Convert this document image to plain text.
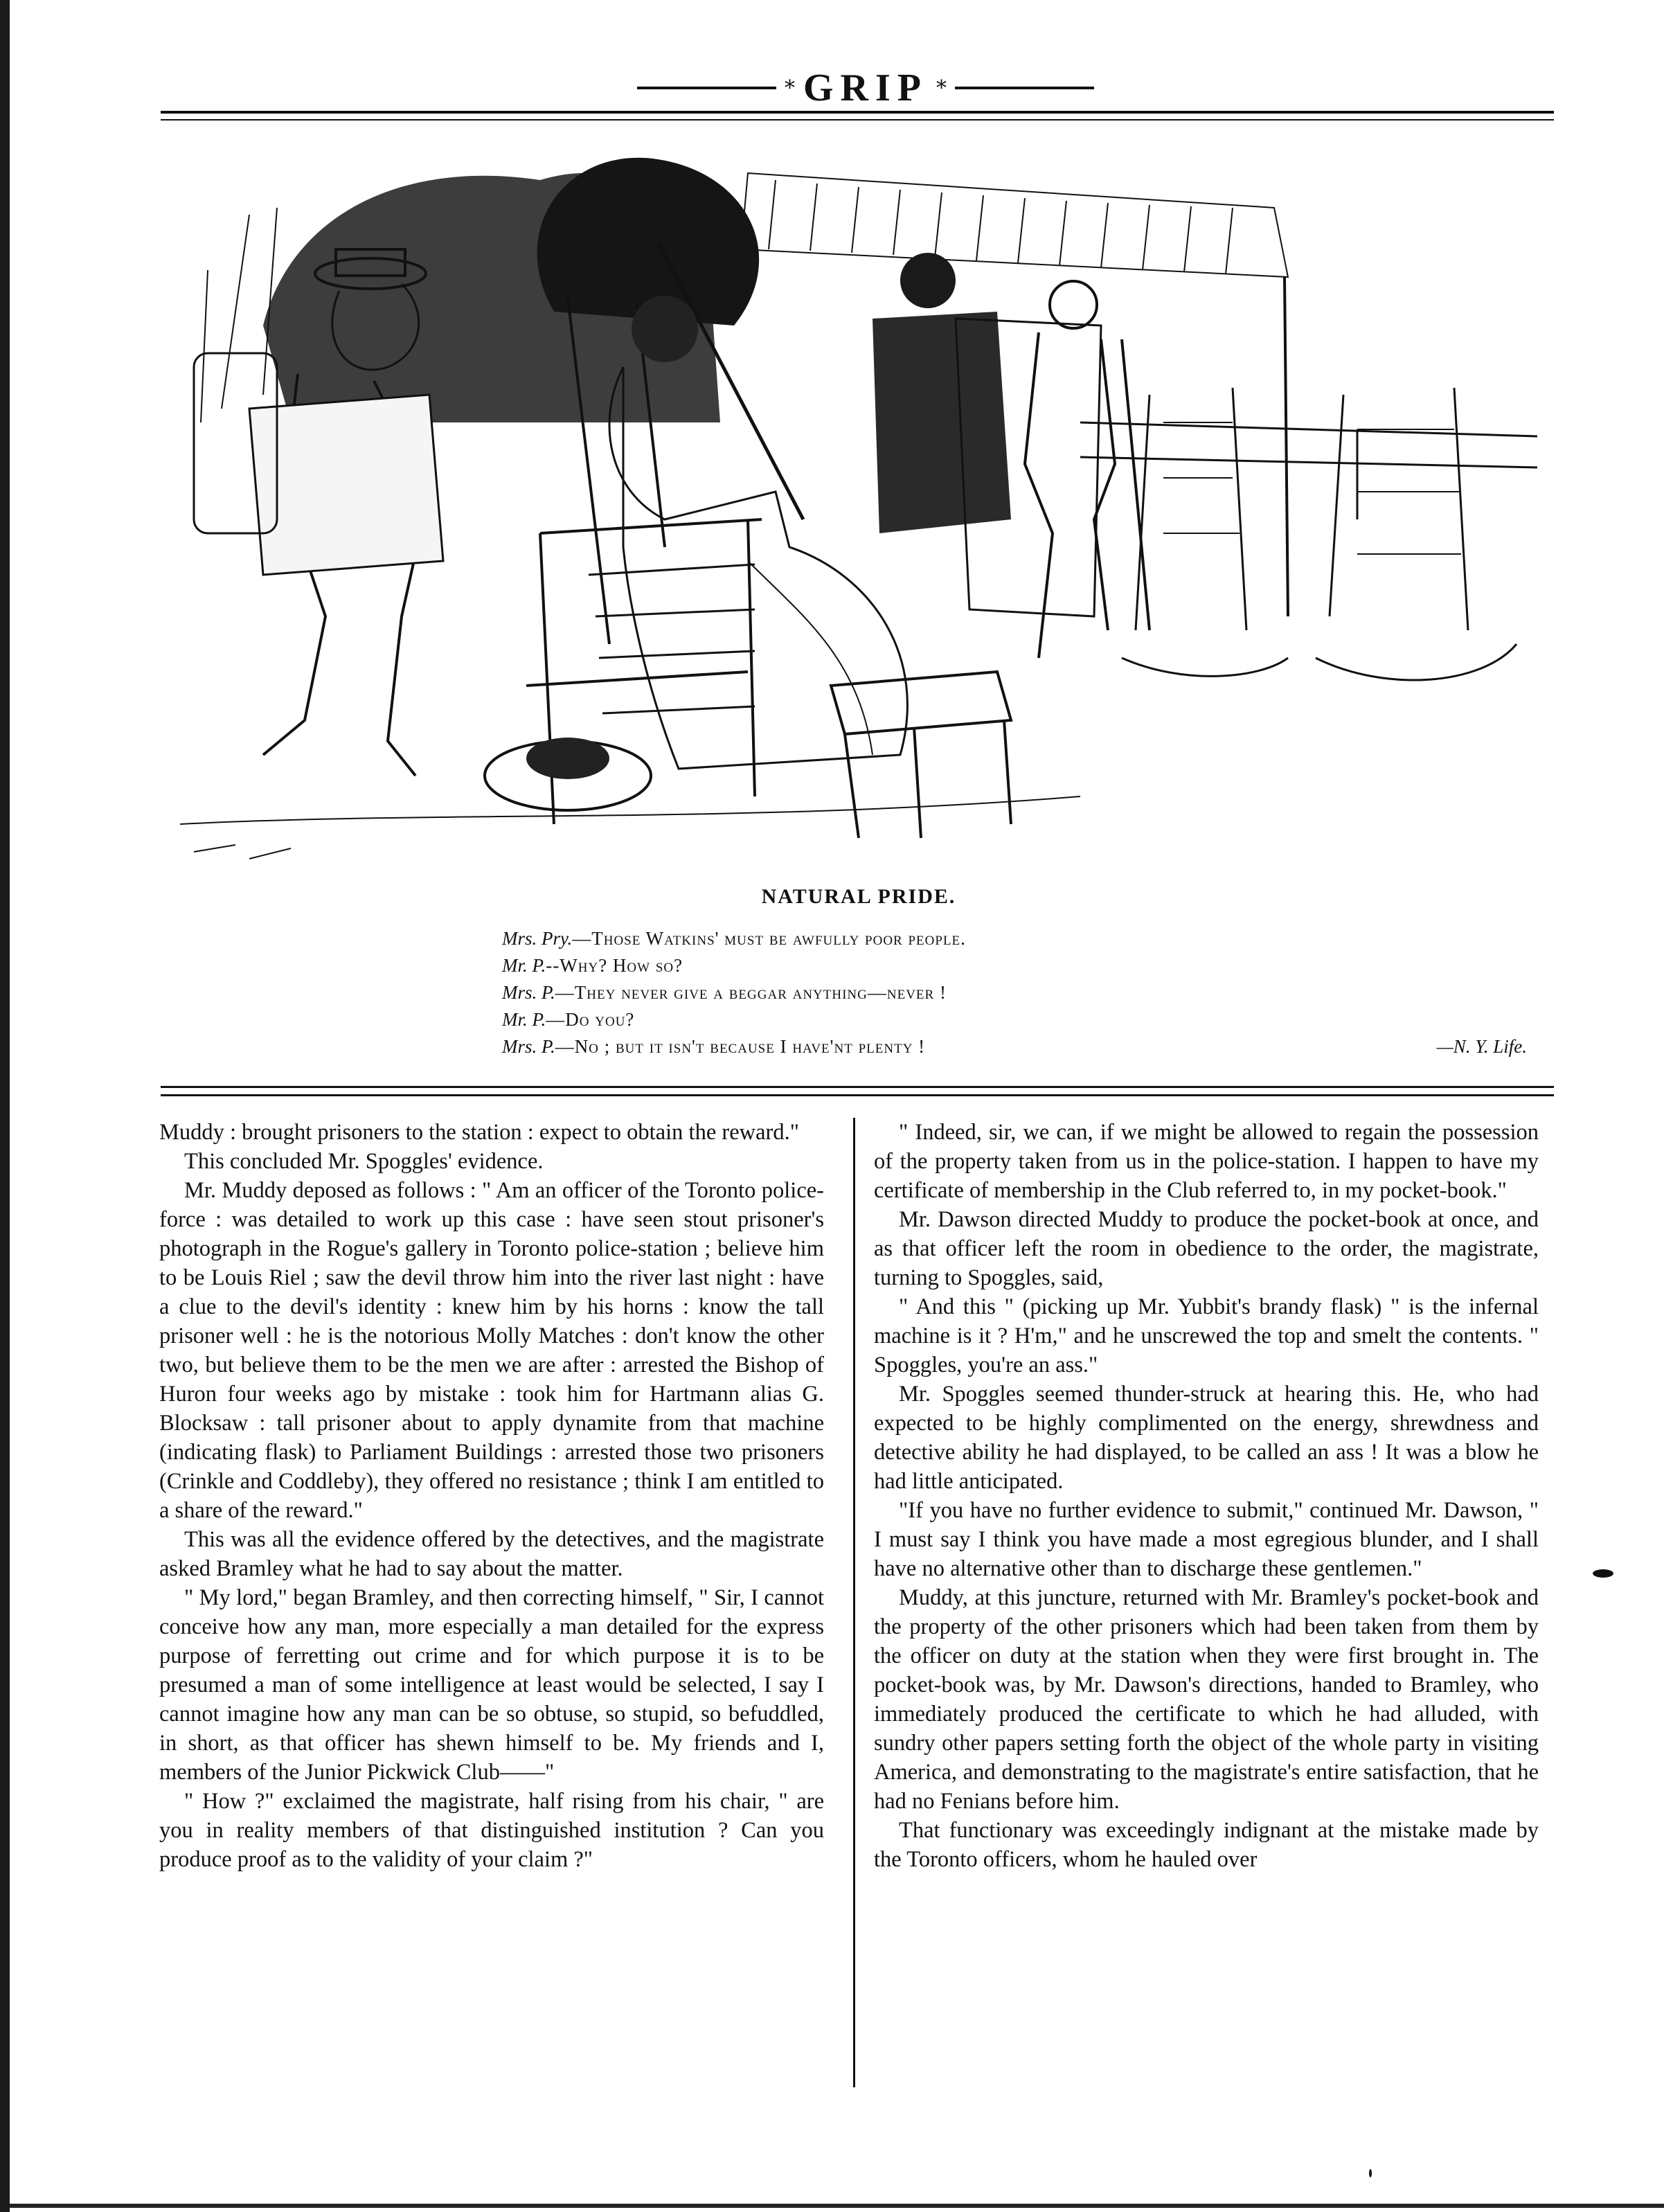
* GRIP *
NATURAL PRIDE.
Mrs. Pry.—Those Watkins' must be awfully poor people.
Mr. P.--Why? How so?
Mrs. P.—They never give a beggar anything—never !
Mr. P.—Do you?
Mrs. P.—No ; but it isn't because I have'nt plenty !	—N. Y. Life.

Muddy : brought prisoners to the station : expect to obtain the reward."

This concluded Mr. Spoggles' evidence.

Mr. Muddy deposed as follows : " Am an officer of the Toronto police-force : was detailed to work up this case : have seen stout prisoner's photograph in the Rogue's gallery in Toronto police-station ; believe him to be Louis Riel ; saw the devil throw him into the river last night : have a clue to the devil's identity : knew him by his horns : know the tall prisoner well : he is the notorious Molly Matches : don't know the other two, but believe them to be the men we are after : arrested the Bishop of Huron four weeks ago by mistake : took him for Hartmann alias G. Blocksaw : tall prisoner about to apply dynamite from that machine (indicating flask) to Parliament Buildings : arrested those two prisoners (Crinkle and Coddleby), they offered no resistance ; think I am entitled to a share of the reward."

This was all the evidence offered by the detectives, and the magistrate asked Bramley what he had to say about the matter.

" My lord," began Bramley, and then correcting himself, " Sir, I cannot conceive how any man, more especially a man detailed for the express purpose of ferretting out crime and for which purpose it is to be presumed a man of some intelligence at least would be selected, I say I cannot imagine how any man can be so obtuse, so stupid, so befuddled, in short, as that officer has shewn himself to be. My friends and I, members of the Junior Pickwick Club——"

" How ?" exclaimed the magistrate, half rising from his chair, " are you in reality members of that distinguished institution ? Can you produce proof as to the validity of your claim ?"

" Indeed, sir, we can, if we might be allowed to regain the possession of the property taken from us in the police-station. I happen to have my certificate of membership in the Club referred to, in my pocket-book."

Mr. Dawson directed Muddy to produce the pocket-book at once, and as that officer left the room in obedience to the order, the magistrate, turning to Spoggles, said,

" And this " (picking up Mr. Yubbit's brandy flask) " is the infernal machine is it ? H'm," and he unscrewed the top and smelt the contents. " Spoggles, you're an ass."

Mr. Spoggles seemed thunder-struck at hearing this. He, who had expected to be highly complimented on the energy, shrewdness and detective ability he had displayed, to be called an ass ! It was a blow he had little anticipated.

"If you have no further evidence to submit," continued Mr. Dawson, " I must say I think you have made a most egregious blunder, and I shall have no alternative other than to discharge these gentlemen."

Muddy, at this juncture, returned with Mr. Bramley's pocket-book and the property of the other prisoners which had been taken from them by the officer on duty at the station when they were first brought in. The pocket-book was, by Mr. Dawson's directions, handed to Bramley, who immediately produced the certificate to which he had alluded, with sundry other papers setting forth the object of the whole party in visiting America, and demonstrating to the magistrate's entire satisfaction, that he had no Fenians before him.

That functionary was exceedingly indignant at the mistake made by the Toronto officers, whom he hauled over
